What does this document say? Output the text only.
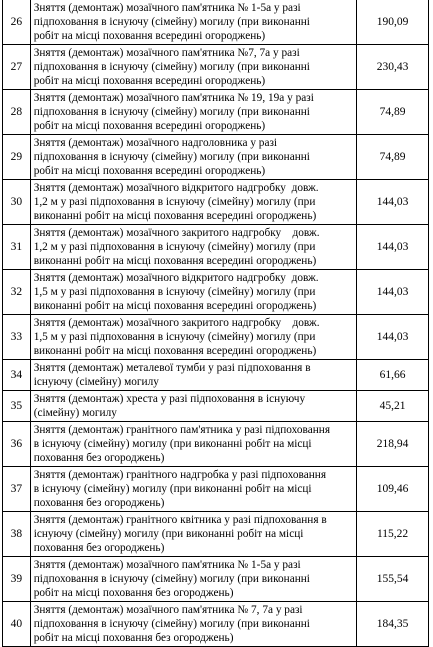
26	Зняття (демонтаж) мозаїчного пам'ятника № 1-5а у разі
підпоховання в існуючу (сімейну) могилу (при виконанні
робіт на місці поховання всередині огороджень)	190,09
27	Зняття (демонтаж) мозаїчного пам'ятника №7, 7а у разі
підпоховання в існуючу (сімейну) могилу (при виконанні
робіт на місці поховання всередині огороджень)	230,43
28	Зняття (демонтаж) мозаїчного пам'ятника № 19, 19а у разі
підпоховання в існуючу (сімейну) могилу (при виконанні
робіт на місці поховання всередині огороджень)	74,89
29	Зняття (демонтаж) мозаїчного надголовника у разі
підпоховання в існуючу (сімейну) могилу (при виконанні
робіт на місці поховання всередині огороджень)	74,89
30	Зняття (демонтаж) мозаїчного відкритого надгробку  довж.
1,2 м у разі підпоховання в існуючу (сімейну) могилу (при
виконанні робіт на місці поховання всередині огороджень)	144,03
31	Зняття (демонтаж) мозаїчного закритого надгробку    довж.
1,2 м у разі підпоховання в існуючу (сімейну) могилу (при
виконанні робіт на місці поховання всередині огороджень)	144,03
32	Зняття (демонтаж) мозаїчного відкритого надгробку  довж.
1,5 м у разі підпоховання в існуючу (сімейну) могилу (при
виконанні робіт на місці поховання всередині огороджень)	144,03
33	Зняття (демонтаж) мозаїчного закритого надгробку    довж.
1,5 м у разі підпоховання в існуючу (сімейну) могилу (при
виконанні робіт на місці поховання всередині огороджень)	144,03
34	Зняття (демонтаж) металевої тумби у разі підпоховання в
існуючу (сімейну) могилу	61,66
35	Зняття (демонтаж) хреста у разі підпоховання в існуючу
(сімейну) могилу	45,21
36	Зняття (демонтаж) гранітного пам'ятника у разі підпоховання
в існуючу (сімейну) могилу (при виконанні робіт на місці
поховання без огороджень)	218,94
37	Зняття (демонтаж) гранітного надгробка у разі підпоховання
в існуючу (сімейну) могилу (при виконанні робіт на місці
поховання без огороджень)	109,46
38	Зняття (демонтаж) гранітного квітника у разі підпоховання в
існуючу (сімейну) могилу (при виконанні робіт на місці
поховання без огороджень)	115,22
39	Зняття (демонтаж) мозаїчного пам'ятника № 1-5а у разі
підпоховання в існуючу (сімейну) могилу (при виконанні
робіт на місці поховання без огороджень)	155,54
40	Зняття (демонтаж) мозаїчного пам'ятника № 7, 7а у разі
підпоховання в існуючу (сімейну) могилу (при виконанні
робіт на місці поховання без огороджень)	184,35
